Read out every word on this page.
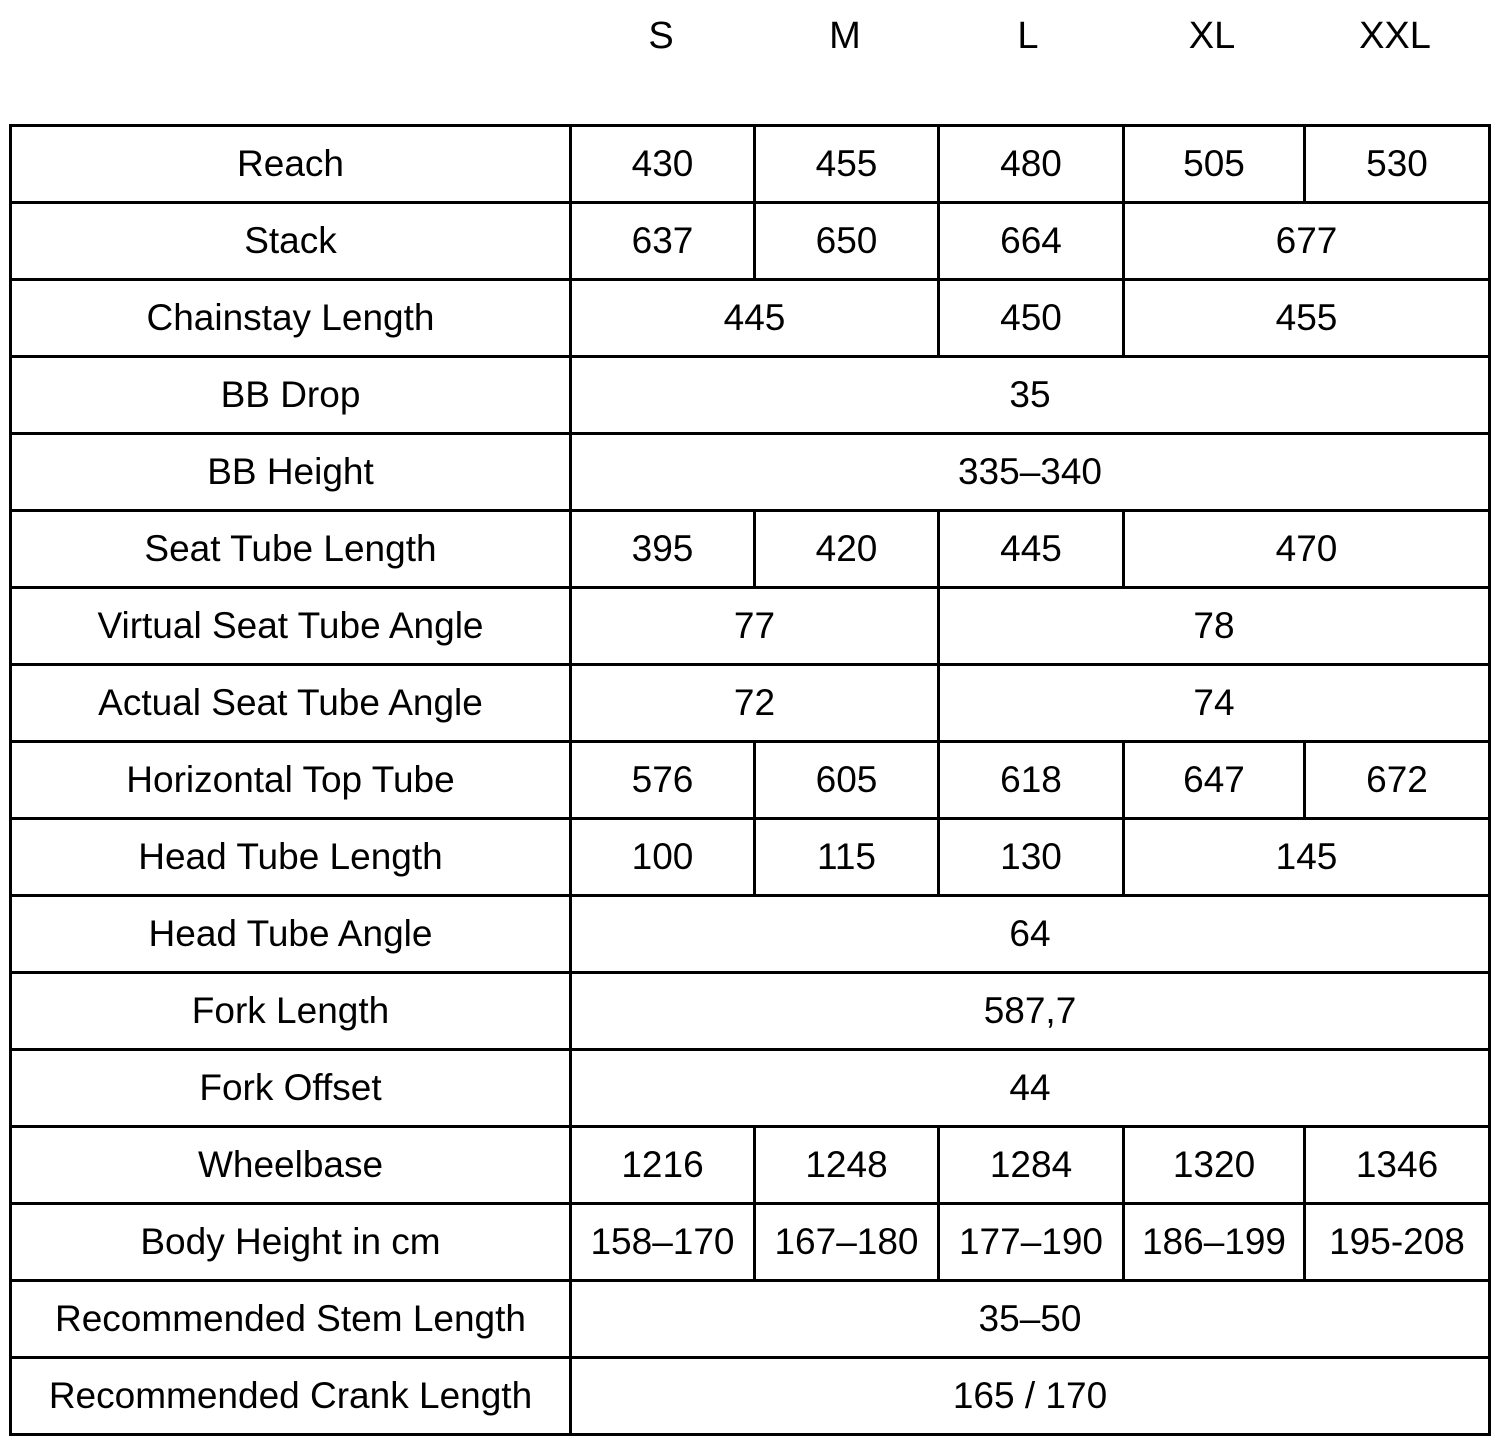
S	M	L	XL	XXL
Reach	430	455	480	505	530
Stack	637	650	664	677	
Chainstay Length	445		450	455	
BB Drop	35				
BB Height	335–340				
Seat Tube Length	395	420	445	470	
Virtual Seat Tube Angle	77		78		
Actual Seat Tube Angle	72		74		
Horizontal Top Tube	576	605	618	647	672
Head Tube Length	100	115	130	145	
Head Tube Angle	64				
Fork Length	587,7				
Fork Offset	44				
Wheelbase	1216	1248	1284	1320	1346
Body Height in cm	158–170	167–180	177–190	186–199	195-208
Recommended Stem Length	35–50				
Recommended Crank Length	165 / 170				
